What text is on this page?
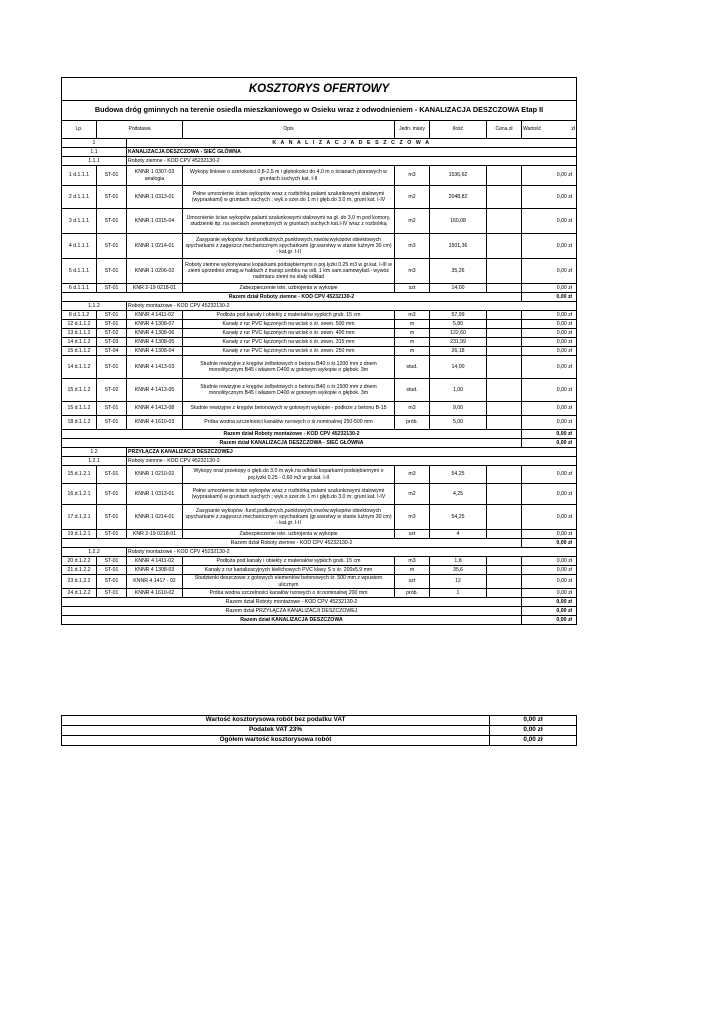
KOSZTORYS OFERTOWY							
Budowa dróg gminnych na terenie osiedla mieszkaniowego w Osieku wraz z odwodnieniem - KANALIZACJA DESZCZOWA Etap II							
Lp.	Podstawa		Opis	Jedn. miary	Ilość	Cena zł	Wartość zł

1		K A N A L I Z A C J A D E S Z C Z O W A					
1.1		KANALIZACJA DESZCZOWA - SIEĆ GŁÓWNA					
1.1.1		Roboty ziemne - KOD CPV 45232130-2					
1 d.1.1.1	ST-01	KNNR 1 0307-03 analogia	Wykopy liniowe o szerokości 0,8-2,5 m i głębokości do 4,0 m o ścianach pionowych w gruntach suchych kat. I-II	m3	1536,62		0,00 zł
2 d.1.1.1	ST-01	KNNR 1 0313-01	Pełne umocnienie ścian wykopów wraz z rozbiórką palami szalunkowymi stalowymi (wypraskami) w gruntach suchych ; wyk.o szer.do 1 m i głęb.do 3.0 m; grunt kat. I-IV	m2	2048,82		0,00 zł
3 d.1.1.1	ST-01	KNNR 1 0315-04	Umocnienie ścian wykopów palami szalunkowymi stalowymi na gł. do 3,0 m pod komory, studzienki itp. na sieciach zewnętrznych w gruntach suchych kat.I-IV wraz z rozbiórką	m2	160,08		0,00 zł
4 d.1.1.1	ST-01	KNNR 1 0214-01	Zasypanie wykopów .fund.podłużnych,punktowych,rowów,wykopów obiektowych spycharkami z zagęszcz.mechanicznym spycharkami (gr.warstwy w stanie luźnym 30 cm) - kat.gr. I-II	m3	1501,36		0,00 zł
5 d.1.1.1	ST-01	KNNR 1 0206-02	Roboty ziemne wykonywane koparkami podsiębiernymi o poj.łyżki 0.25 m3 w gr.kat. I-III w ziemi uprzednio zmag.w hałdach z transp.urobku na odl. 1 km sam.samowyład.- wywóz nadmiaru ziemi na stały odkład	m3	35,26		0,00 zł
6 d.1.1.1	ST-01	KNR 2-19 0218-01	Zabezpieczenie istn. uzbrojenia w wykopie	szt	14,00		0,00 zł
Razem dział Roboty ziemne - KOD CPV 45232130-2							0,00 zł
1.1.2		Roboty montażowe - KOD CPV 45232130-2					
8 d.1.1.2	ST-01	KNNR 4 1411-02	Podłoża pod kanały i obiekty z materiałów sypkich grub. 15 cm	m3	57,99		0,00 zł
12 d.1.1.2	ST-01	KNNR 4 1308-07	Kanały z rur PVC łączonych na wcisk o śr. zewn. 500 mm	m	5,80		0,00 zł
13 d.1.1.2	ST-02	KNNR 4 1308-06	Kanały z rur PVC łączonych na wcisk o śr. zewn. 400 mm	m	122,60		0,00 zł
14 d.1.1.2	ST-03	KNNR 4 1308-05	Kanały z rur PVC łączonych na wcisk o śr. zewn. 315 mm	m	231,99		0,00 zł
15 d.1.1.2	ST-04	KNNR 4 1308-04	Kanały z rur PVC łączonych na wcisk o śr. zewn. 250 mm	m	26,18		0,00 zł
14 d.1.1.2	ST-01	KNNR 4 1413-03	Studnie rewizyjne z kręgów żelbetowych o betonu B40 o śr.1200 mm z dnem monolitycznym B45 i włazem D400 w gotowym wykopie o głębok. 3m	stud.	14,00		0,00 zł
15 d.1.1.2	ST-02	KNNR 4 1413-05	Studnie rewizyjne z kręgów żelbetowych o betonu B40 o śr.1500 mm z dnem monolitycznym B45 i włazem D400 w gotowym wykopie o głębok. 3m	stud.	1,00		0,00 zł
15 d.1.1.2	ST-01	KNNR 4 1413-08	Studnie rewizyjne z kręgów betonowych w gotowym wykopie - podłoże z betonu B-15	m3	9,00		0,00 zł
18 d.1.1.2	ST-01	KNNR 4 1610-03	Próba wodna szczelności kanałów rurowych o śr.nominalnej 250-500 mm	prób.	5,00		0,00 zł
Razem dział Roboty montażowe - KOD CPV 45232130-2							0,00 zł
Razem dział KANALIZACJA DESZCZOWA - SIEĆ GŁÓWNA							0,00 zł
1.2		PRZYŁĄCZA KANALIZACJI DESZCZOWEJ					
1.2.1		Roboty ziemne - KOD CPV 45232130-2					
15 d.1.2.1	ST-01	KNNR 1 0210-02	Wykopy oraz przekopy o głęb.do 3.0 m wyk.na odkład koparkami podsiębiernymi o poj.łyżki 0.25 - 0.60 m3 w gr.kat. I-II	m3	54,25		0,00 zł
16 d.1.2.1	ST-01	KNNR 1 0313-01	Pełne umocnienie ścian wykopów wraz z rozbiórką palami szalunkowymi stalowymi (wypraskami) w gruntach suchych ; wyk.o szer.do 1 m i głęb.do 3.0 m; grunt kat. I-IV	m2	4,25		0,00 zł
17 d.1.2.1	ST-01	KNNR 1 0214-01	Zasypanie wykopów .fund.podłużnych,punktowych,rowów,wykopów obiektowych spycharkami z zagęszcz.mechanicznym spycharkami (gr.warstwy w stanie luźnym 30 cm) - kat.gr. I-II	m3	54,25		0,00 zł
19 d.1.2.1	ST-01	KNR 2-19 0218-01	Zabezpieczenie istn. uzbrojenia w wykopie	szt	4		0,00 zł
Razem dział Roboty ziemne - KOD CPV 45232130-2							0,00 zł
1.2.2		Roboty montażowe - KOD CPV 45232130-2					
20 d.1.2.2	ST-01	KNNR 4 1411-02	Podłoża pod kanały i obiekty z materiałów sypkich grub. 15 cm	m3	1,8		0,00 zł
21 d.1.2.2	ST-01	KNNR 4 1308-03	Kanały z rur kanalizacyjnych kielichowych PVC klasy S o śr. 200x5,9 mm	m	35,6		0,00 zł
23 d.1.2.2	ST-01	KNNR 4 1417 - 02	Studzienki deszczowe z gotowych elementów betonowych śr. 500 mm z wpustem ulicznym	szt	12		0,00 zł
24 d.1.2.2	ST-01	KNNR 4 1610-02	Próba wodna szczelności kanałów rurowych o śr.nominalnej 200 mm	prób.	1		0,00 zł
Razem dział Roboty montażowe - KOD CPV 45232130-2							0,00 zł
Razem dział PRZYŁĄCZA KANALIZACJI DESZCZOWEJ							0,00 zł
Razem dział KANALIZACJA DESZCZOWA							0,00 zł
Wartość kosztorysowa robót bez podatku VAT	0,00 zł
Podatek VAT 23%	0,00 zł
Ogółem wartość kosztorysowa robót	0,00 zł
